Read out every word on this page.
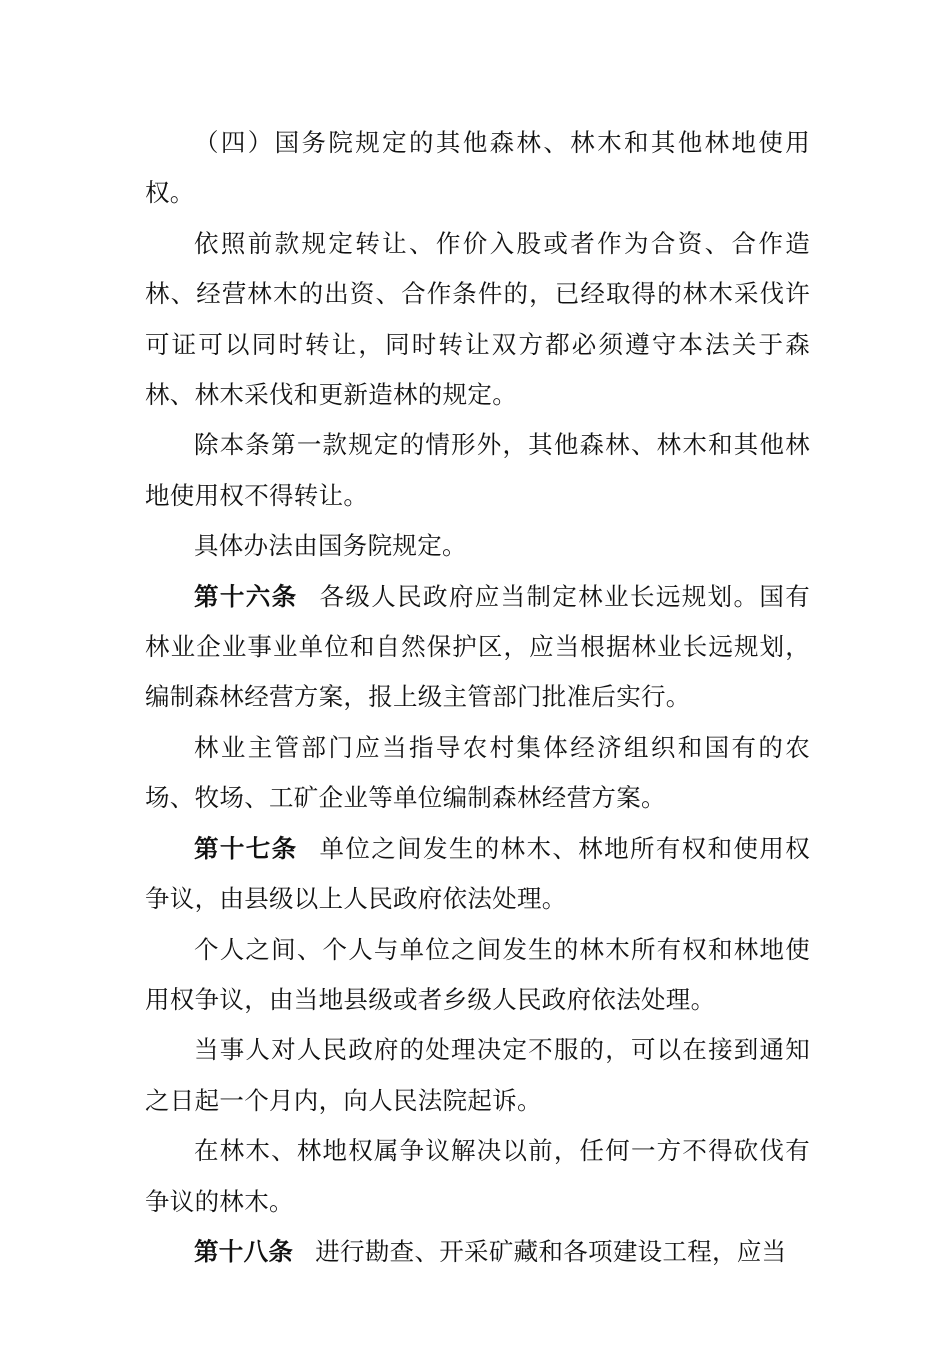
（四）国务院规定的其他森林、林木和其他林地使用权。

依照前款规定转让、作价入股或者作为合资、合作造林、经营林木的出资、合作条件的，已经取得的林木采伐许可证可以同时转让，同时转让双方都必须遵守本法关于森林、林木采伐和更新造林的规定。

除本条第一款规定的情形外，其他森林、林木和其他林地使用权不得转让。

具体办法由国务院规定。

第十六条 各级人民政府应当制定林业长远规划。国有林业企业事业单位和自然保护区，应当根据林业长远规划，编制森林经营方案，报上级主管部门批准后实行。

林业主管部门应当指导农村集体经济组织和国有的农场、牧场、工矿企业等单位编制森林经营方案。

第十七条 单位之间发生的林木、林地所有权和使用权争议，由县级以上人民政府依法处理。

个人之间、个人与单位之间发生的林木所有权和林地使用权争议，由当地县级或者乡级人民政府依法处理。

当事人对人民政府的处理决定不服的，可以在接到通知之日起一个月内，向人民法院起诉。

在林木、林地权属争议解决以前，任何一方不得砍伐有争议的林木。

第十八条 进行勘查、开采矿藏和各项建设工程，应当
